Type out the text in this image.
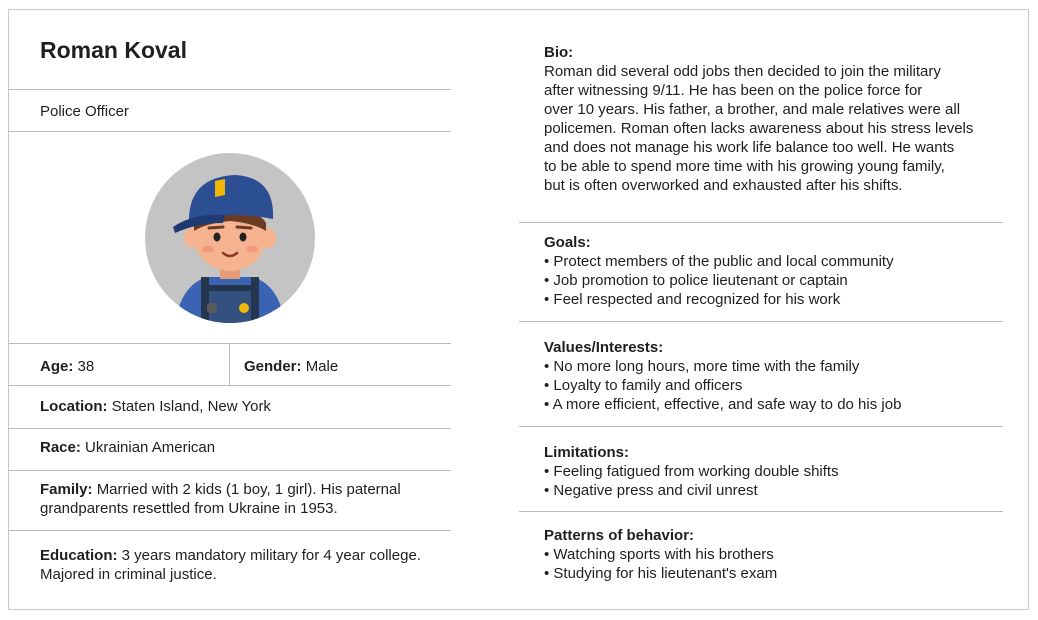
Roman Koval
Police Officer
Age: 38	Gender: Male
Location: Staten Island, New York
Race: Ukrainian American
Family: Married with 2 kids (1 boy, 1 girl). His paternal
grandparents resettled from Ukraine in 1953.
Education: 3 years mandatory military for 4 year college.
Majored in criminal justice.
Bio:

Roman did several odd jobs then decided to join the military

after witnessing 9/11. He has been on the police force for

over 10 years. His father, a brother, and male relatives were all

policemen. Roman often lacks awareness about his stress levels

and does not manage his work life balance too well. He wants

to be able to spend more time with his growing young family,

but is often overworked and exhausted after his shifts.

Goals:
• Protect members of the public and local community
• Job promotion to police lieutenant or captain
• Feel respected and recognized for his work
Values/Interests:
• No more long hours, more time with the family
• Loyalty to family and officers
• A more efficient, effective, and safe way to do his job
Limitations:
• Feeling fatigued from working double shifts
• Negative press and civil unrest
Patterns of behavior:
• Watching sports with his brothers
• Studying for his lieutenant's exam
